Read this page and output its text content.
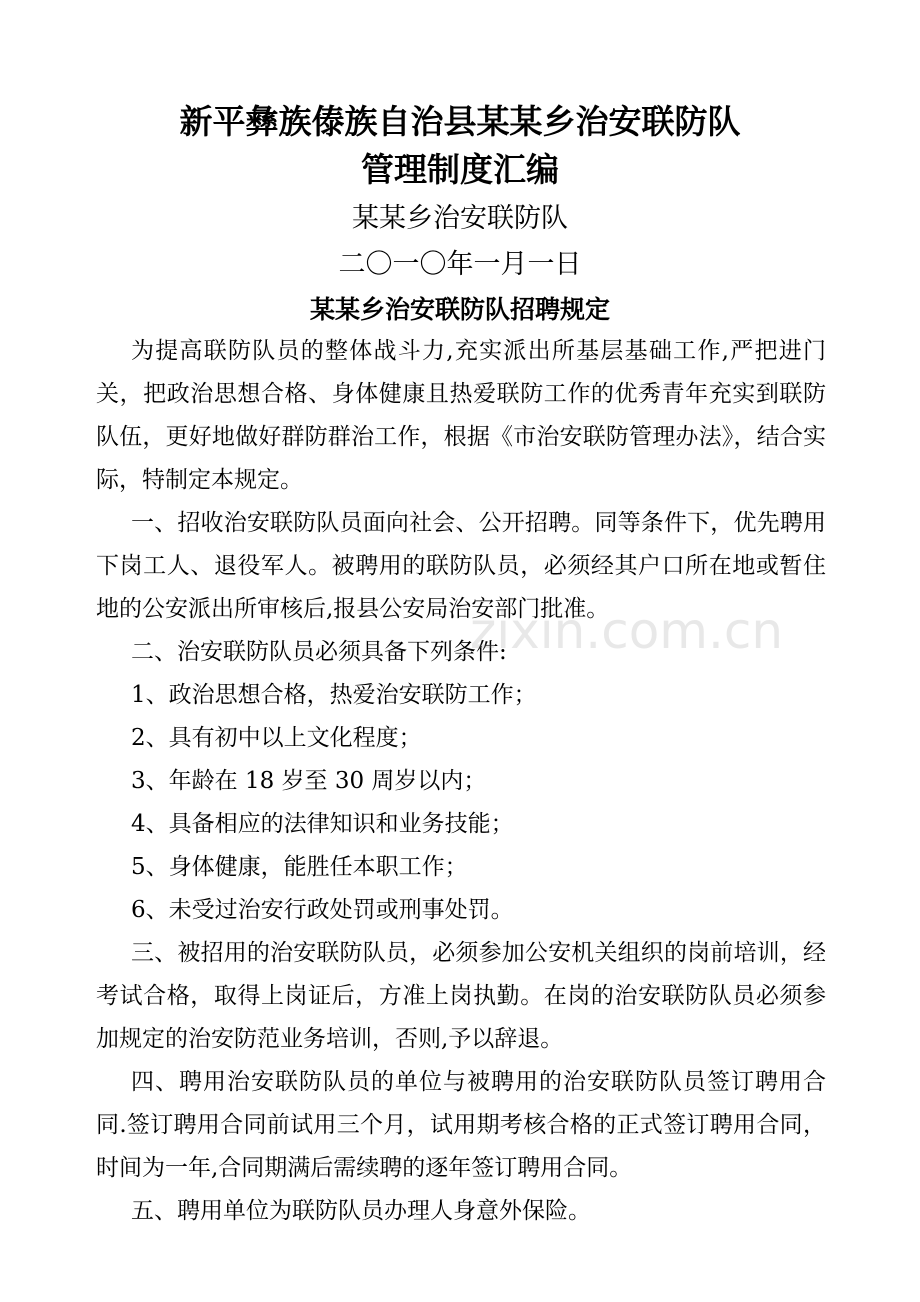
新平彝族傣族自治县某某乡治安联防队
管理制度汇编
某某乡治安联防队
二〇一〇年一月一日
某某乡治安联防队招聘规定

为提高联防队员的整体战斗力,充实派出所基层基础工作,严把进门关，把政治思想合格、身体健康且热爱联防工作的优秀青年充实到联防队伍，更好地做好群防群治工作，根据《市治安联防管理办法》，结合实际，特制定本规定。

一、招收治安联防队员面向社会、公开招聘。同等条件下，优先聘用下岗工人、退役军人。被聘用的联防队员，必须经其户口所在地或暂住地的公安派出所审核后,报县公安局治安部门批准。

二、治安联防队员必须具备下列条件:

1、政治思想合格，热爱治安联防工作；

2、具有初中以上文化程度；

3、年龄在 18 岁至 30 周岁以内；

4、具备相应的法律知识和业务技能；

5、身体健康，能胜任本职工作；

6、未受过治安行政处罚或刑事处罚。

三、被招用的治安联防队员，必须参加公安机关组织的岗前培训，经考试合格，取得上岗证后，方准上岗执勤。在岗的治安联防队员必须参加规定的治安防范业务培训，否则,予以辞退。

四、聘用治安联防队员的单位与被聘用的治安联防队员签订聘用合同.签订聘用合同前试用三个月，试用期考核合格的正式签订聘用合同，时间为一年,合同期满后需续聘的逐年签订聘用合同。

五、聘用单位为联防队员办理人身意外保险。

zixin.com.cn
